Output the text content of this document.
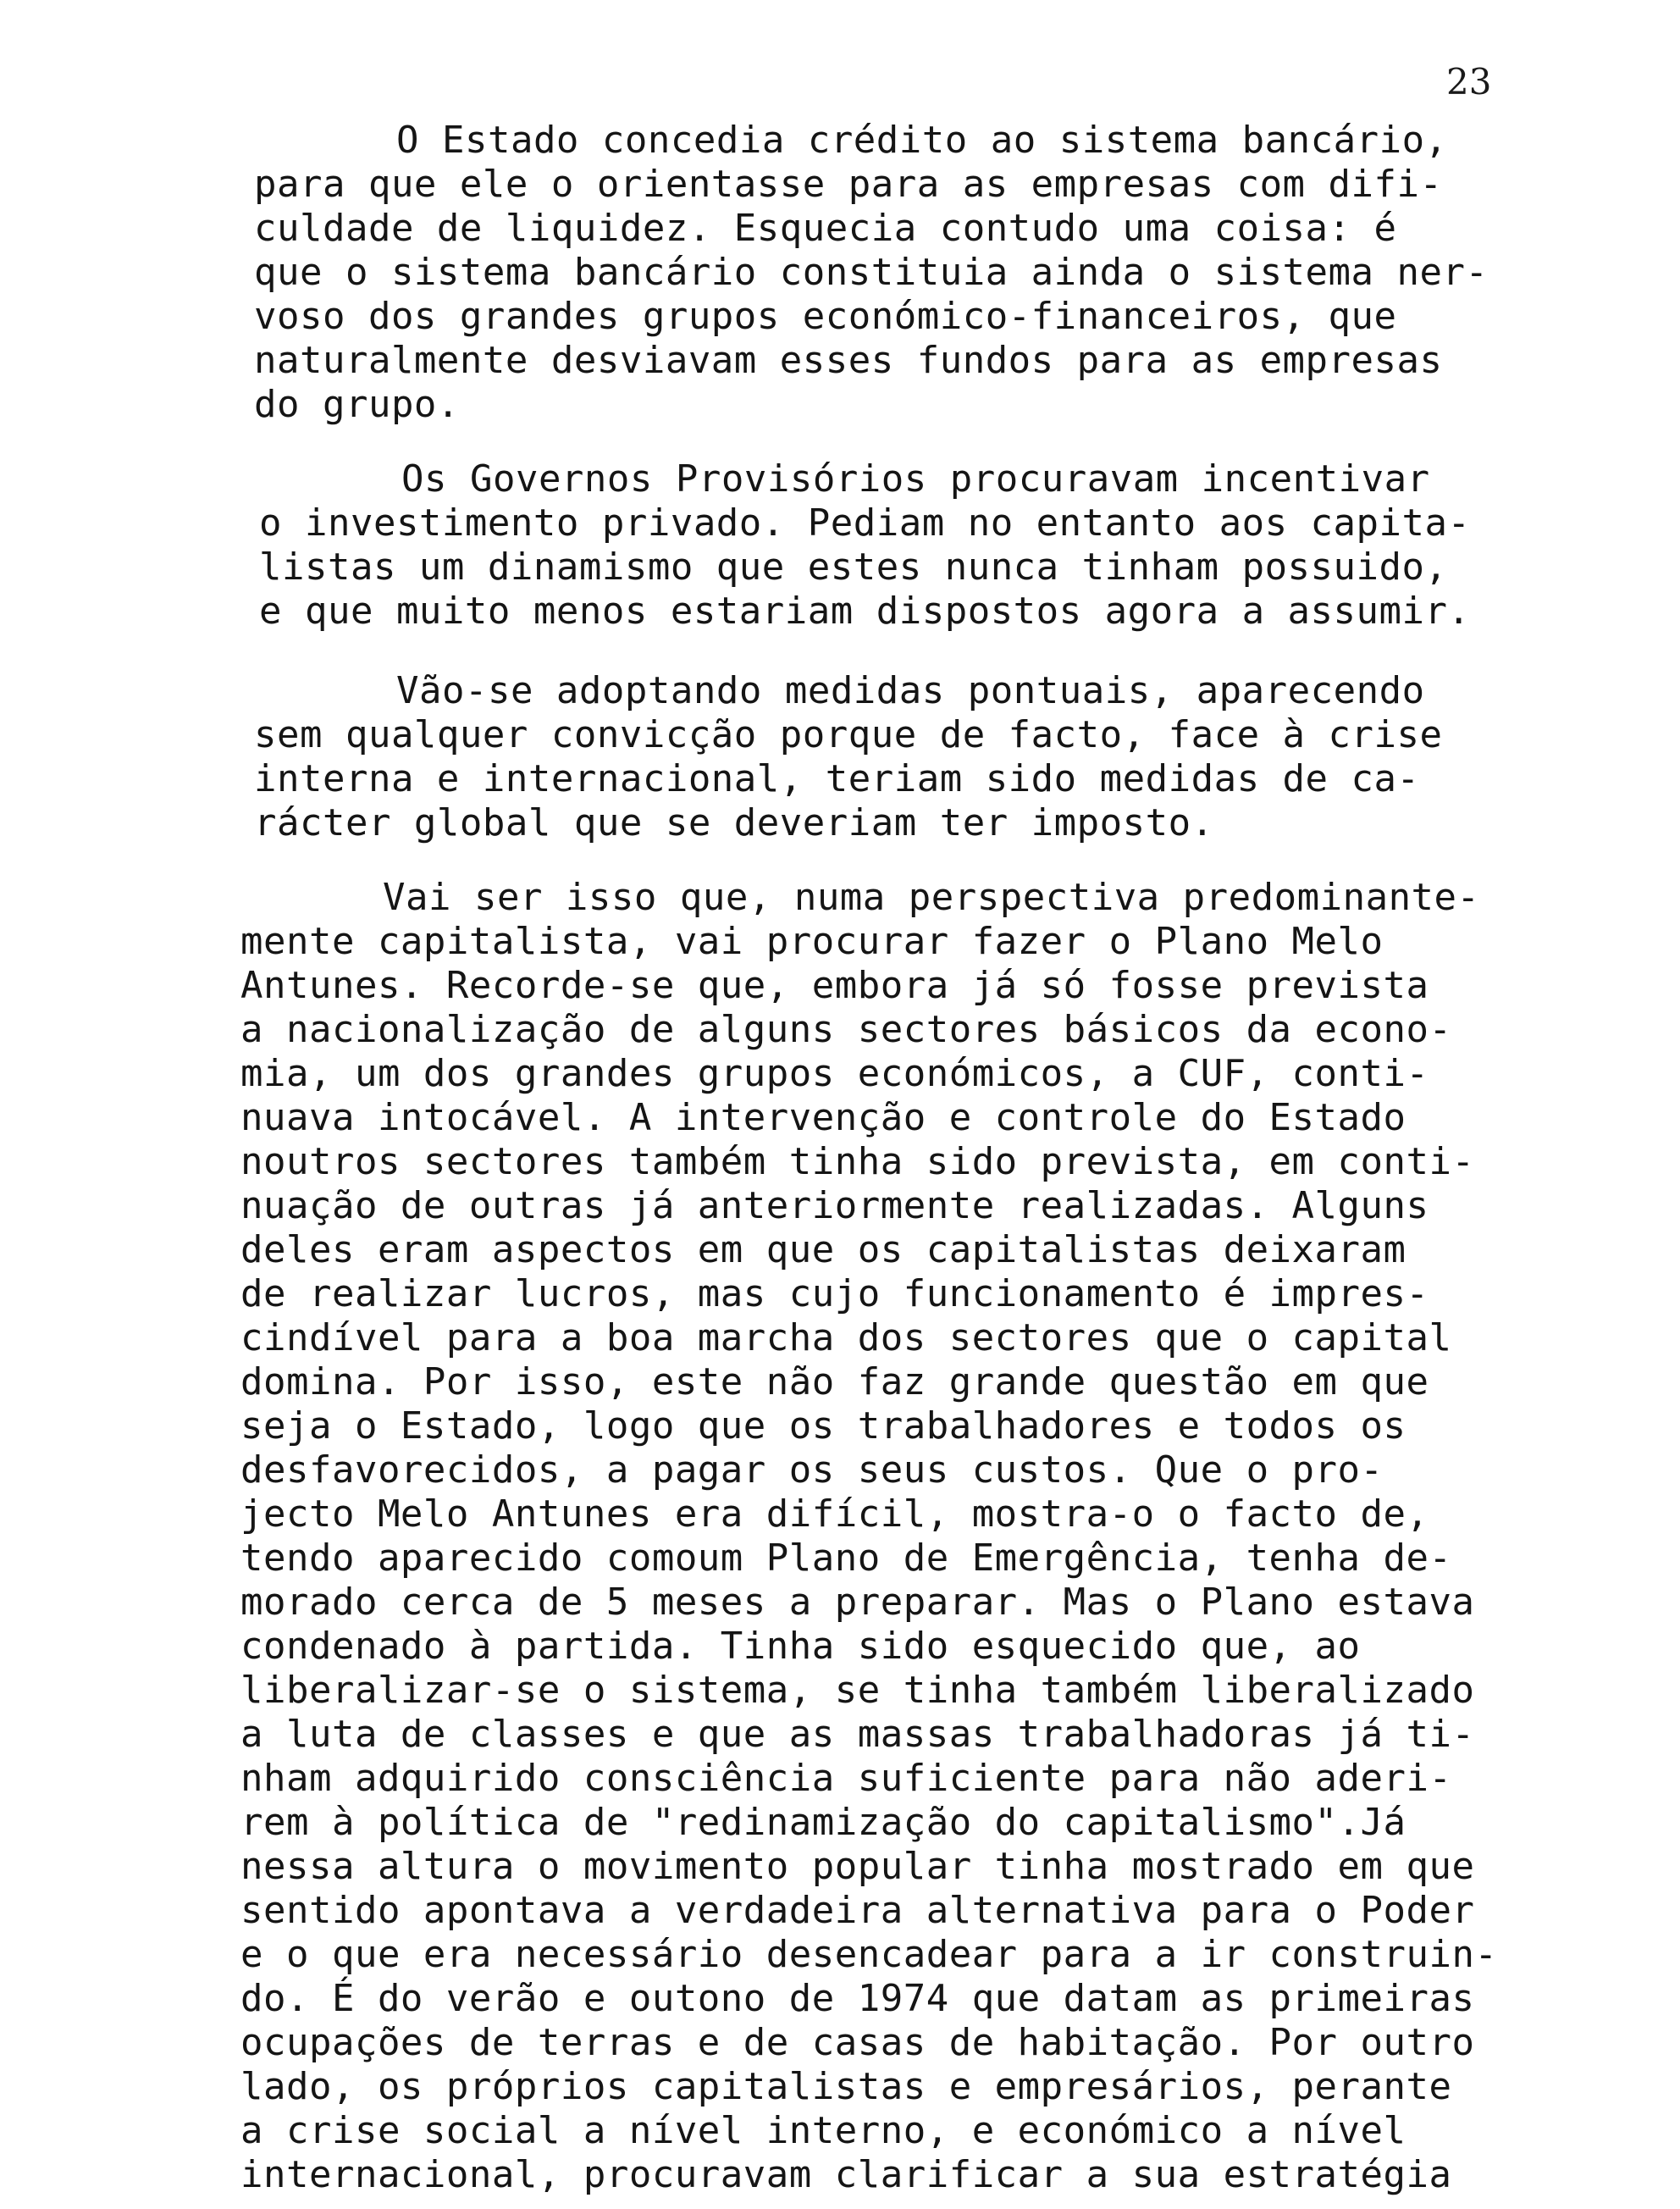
23
O Estado concedia crédito ao sistema bancário,
para que ele o orientasse para as empresas com difi-
culdade de liquidez. Esquecia contudo uma coisa: é
que o sistema bancário constituia ainda o sistema ner-
voso dos grandes grupos económico-financeiros, que
naturalmente desviavam esses fundos para as empresas
do grupo.
Os Governos Provisórios procuravam incentivar
o investimento privado. Pediam no entanto aos capita-
listas um dinamismo que estes nunca tinham possuido,
e que muito menos estariam dispostos agora a assumir.
Vão-se adoptando medidas pontuais, aparecendo
sem qualquer convicção porque de facto, face à crise
interna e internacional, teriam sido medidas de ca-
rácter global que se deveriam ter imposto.
Vai ser isso que, numa perspectiva predominante-
mente capitalista, vai procurar fazer o Plano Melo
Antunes. Recorde-se que, embora já só fosse prevista
a nacionalização de alguns sectores básicos da econo-
mia, um dos grandes grupos económicos, a CUF, conti-
nuava intocável. A intervenção e controle do Estado
noutros sectores também tinha sido prevista, em conti-
nuação de outras já anteriormente realizadas. Alguns
deles eram aspectos em que os capitalistas deixaram
de realizar lucros, mas cujo funcionamento é impres-
cindível para a boa marcha dos sectores que o capital
domina. Por isso, este não faz grande questão em que
seja o Estado, logo que os trabalhadores e todos os
desfavorecidos, a pagar os seus custos. Que o pro-
jecto Melo Antunes era difícil, mostra-o o facto de,
tendo aparecido comoum Plano de Emergência, tenha de-
morado cerca de 5 meses a preparar. Mas o Plano estava
condenado à partida. Tinha sido esquecido que, ao
liberalizar-se o sistema, se tinha também liberalizado
a luta de classes e que as massas trabalhadoras já ti-
nham adquirido consciência suficiente para não aderi-
rem à política de "redinamização do capitalismo".Já
nessa altura o movimento popular tinha mostrado em que
sentido apontava a verdadeira alternativa para o Poder
e o que era necessário desencadear para a ir construin-
do. É do verão e outono de 1974 que datam as primeiras
ocupações de terras e de casas de habitação. Por outro
lado, os próprios capitalistas e empresários, perante
a crise social a nível interno, e económico a nível
internacional, procuravam clarificar a sua estratégia
